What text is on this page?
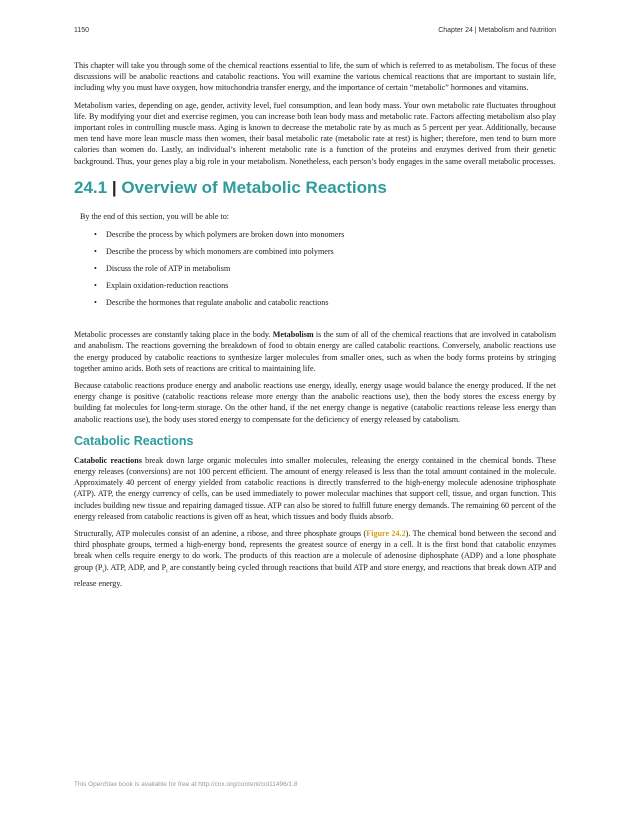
1150	Chapter 24 | Metabolism and Nutrition

This chapter will take you through some of the chemical reactions essential to life, the sum of which is referred to as metabolism. The focus of these discussions will be anabolic reactions and catabolic reactions. You will examine the various chemical reactions that are important to sustain life, including why you must have oxygen, how mitochondria transfer energy, and the importance of certain “metabolic” hormones and vitamins.

Metabolism varies, depending on age, gender, activity level, fuel consumption, and lean body mass. Your own metabolic rate fluctuates throughout life. By modifying your diet and exercise regimen, you can increase both lean body mass and metabolic rate. Factors affecting metabolism also play important roles in controlling muscle mass. Aging is known to decrease the metabolic rate by as much as 5 percent per year. Additionally, because men tend have more lean muscle mass then women, their basal metabolic rate (metabolic rate at rest) is higher; therefore, men tend to burn more calories than women do. Lastly, an individual’s inherent metabolic rate is a function of the proteins and enzymes derived from their genetic background. Thus, your genes play a big role in your metabolism. Nonetheless, each person’s body engages in the same overall metabolic processes.

24.1 | Overview of Metabolic Reactions
By the end of this section, you will be able to:
• Describe the process by which polymers are broken down into monomers
• Describe the process by which monomers are combined into polymers
• Discuss the role of ATP in metabolism
• Explain oxidation-reduction reactions
• Describe the hormones that regulate anabolic and catabolic reactions

Metabolic processes are constantly taking place in the body. Metabolism is the sum of all of the chemical reactions that are involved in catabolism and anabolism. The reactions governing the breakdown of food to obtain energy are called catabolic reactions. Conversely, anabolic reactions use the energy produced by catabolic reactions to synthesize larger molecules from smaller ones, such as when the body forms proteins by stringing together amino acids. Both sets of reactions are critical to maintaining life.

Because catabolic reactions produce energy and anabolic reactions use energy, ideally, energy usage would balance the energy produced. If the net energy change is positive (catabolic reactions release more energy than the anabolic reactions use), then the body stores the excess energy by building fat molecules for long-term storage. On the other hand, if the net energy change is negative (catabolic reactions release less energy than anabolic reactions use), the body uses stored energy to compensate for the deficiency of energy released by catabolism.

Catabolic Reactions

Catabolic reactions break down large organic molecules into smaller molecules, releasing the energy contained in the chemical bonds. These energy releases (conversions) are not 100 percent efficient. The amount of energy released is less than the total amount contained in the molecule. Approximately 40 percent of energy yielded from catabolic reactions is directly transferred to the high-energy molecule adenosine triphosphate (ATP). ATP, the energy currency of cells, can be used immediately to power molecular machines that support cell, tissue, and organ function. This includes building new tissue and repairing damaged tissue. ATP can also be stored to fulfill future energy demands. The remaining 60 percent of the energy released from catabolic reactions is given off as heat, which tissues and body fluids absorb.

Structurally, ATP molecules consist of an adenine, a ribose, and three phosphate groups (Figure 24.2). The chemical bond between the second and third phosphate groups, termed a high-energy bond, represents the greatest source of energy in a cell. It is the first bond that catabolic enzymes break when cells require energy to do work. The products of this reaction are a molecule of adenosine diphosphate (ADP) and a lone phosphate group $(P_i)$. ATP, ADP, and $P_i$ are constantly being cycled through reactions that build ATP and store energy, and reactions that break down ATP and release energy.

This OpenStax book is available for free at http://cnx.org/content/col11496/1.8
